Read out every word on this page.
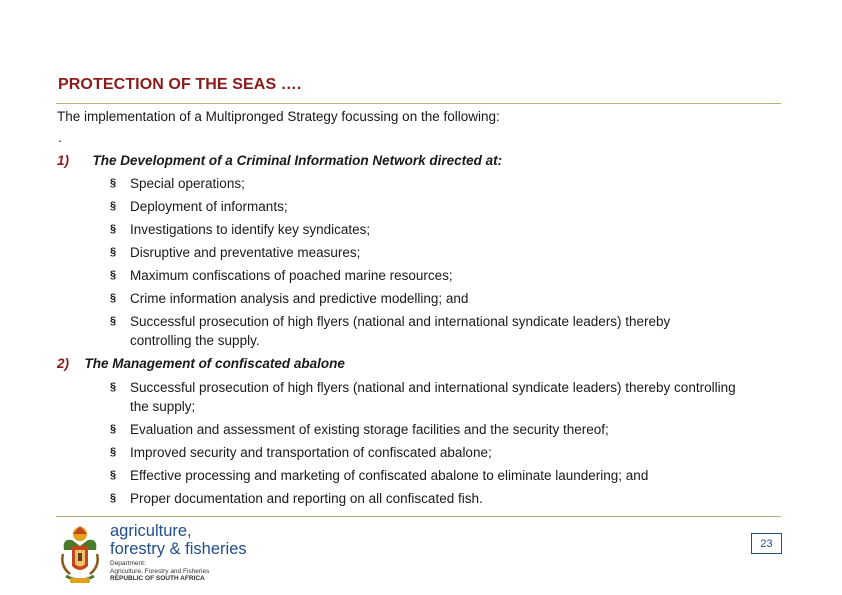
PROTECTION OF THE SEAS ….
The implementation of a Multipronged Strategy focussing on the following:
.
1) The Development of a Criminal Information Network directed at:
§ Special operations;
§ Deployment of informants;
§ Investigations to identify key syndicates;
§ Disruptive and preventative measures;
§ Maximum confiscations of poached marine resources;
§ Crime information analysis and predictive modelling; and
§ Successful prosecution of high flyers (national and international syndicate leaders) thereby controlling the supply.
2) The Management of confiscated abalone
§ Successful prosecution of high flyers (national and international syndicate leaders) thereby controlling the supply;
§ Evaluation and assessment of existing storage facilities and the security thereof;
§ Improved security and transportation of confiscated abalone;
§ Effective processing and marketing of confiscated abalone to eliminate laundering; and
§ Proper documentation and reporting on all confiscated fish.
agriculture,
forestry & fisheries
Department:
Agriculture, Forestry and Fisheries
REPUBLIC OF SOUTH AFRICA
23
